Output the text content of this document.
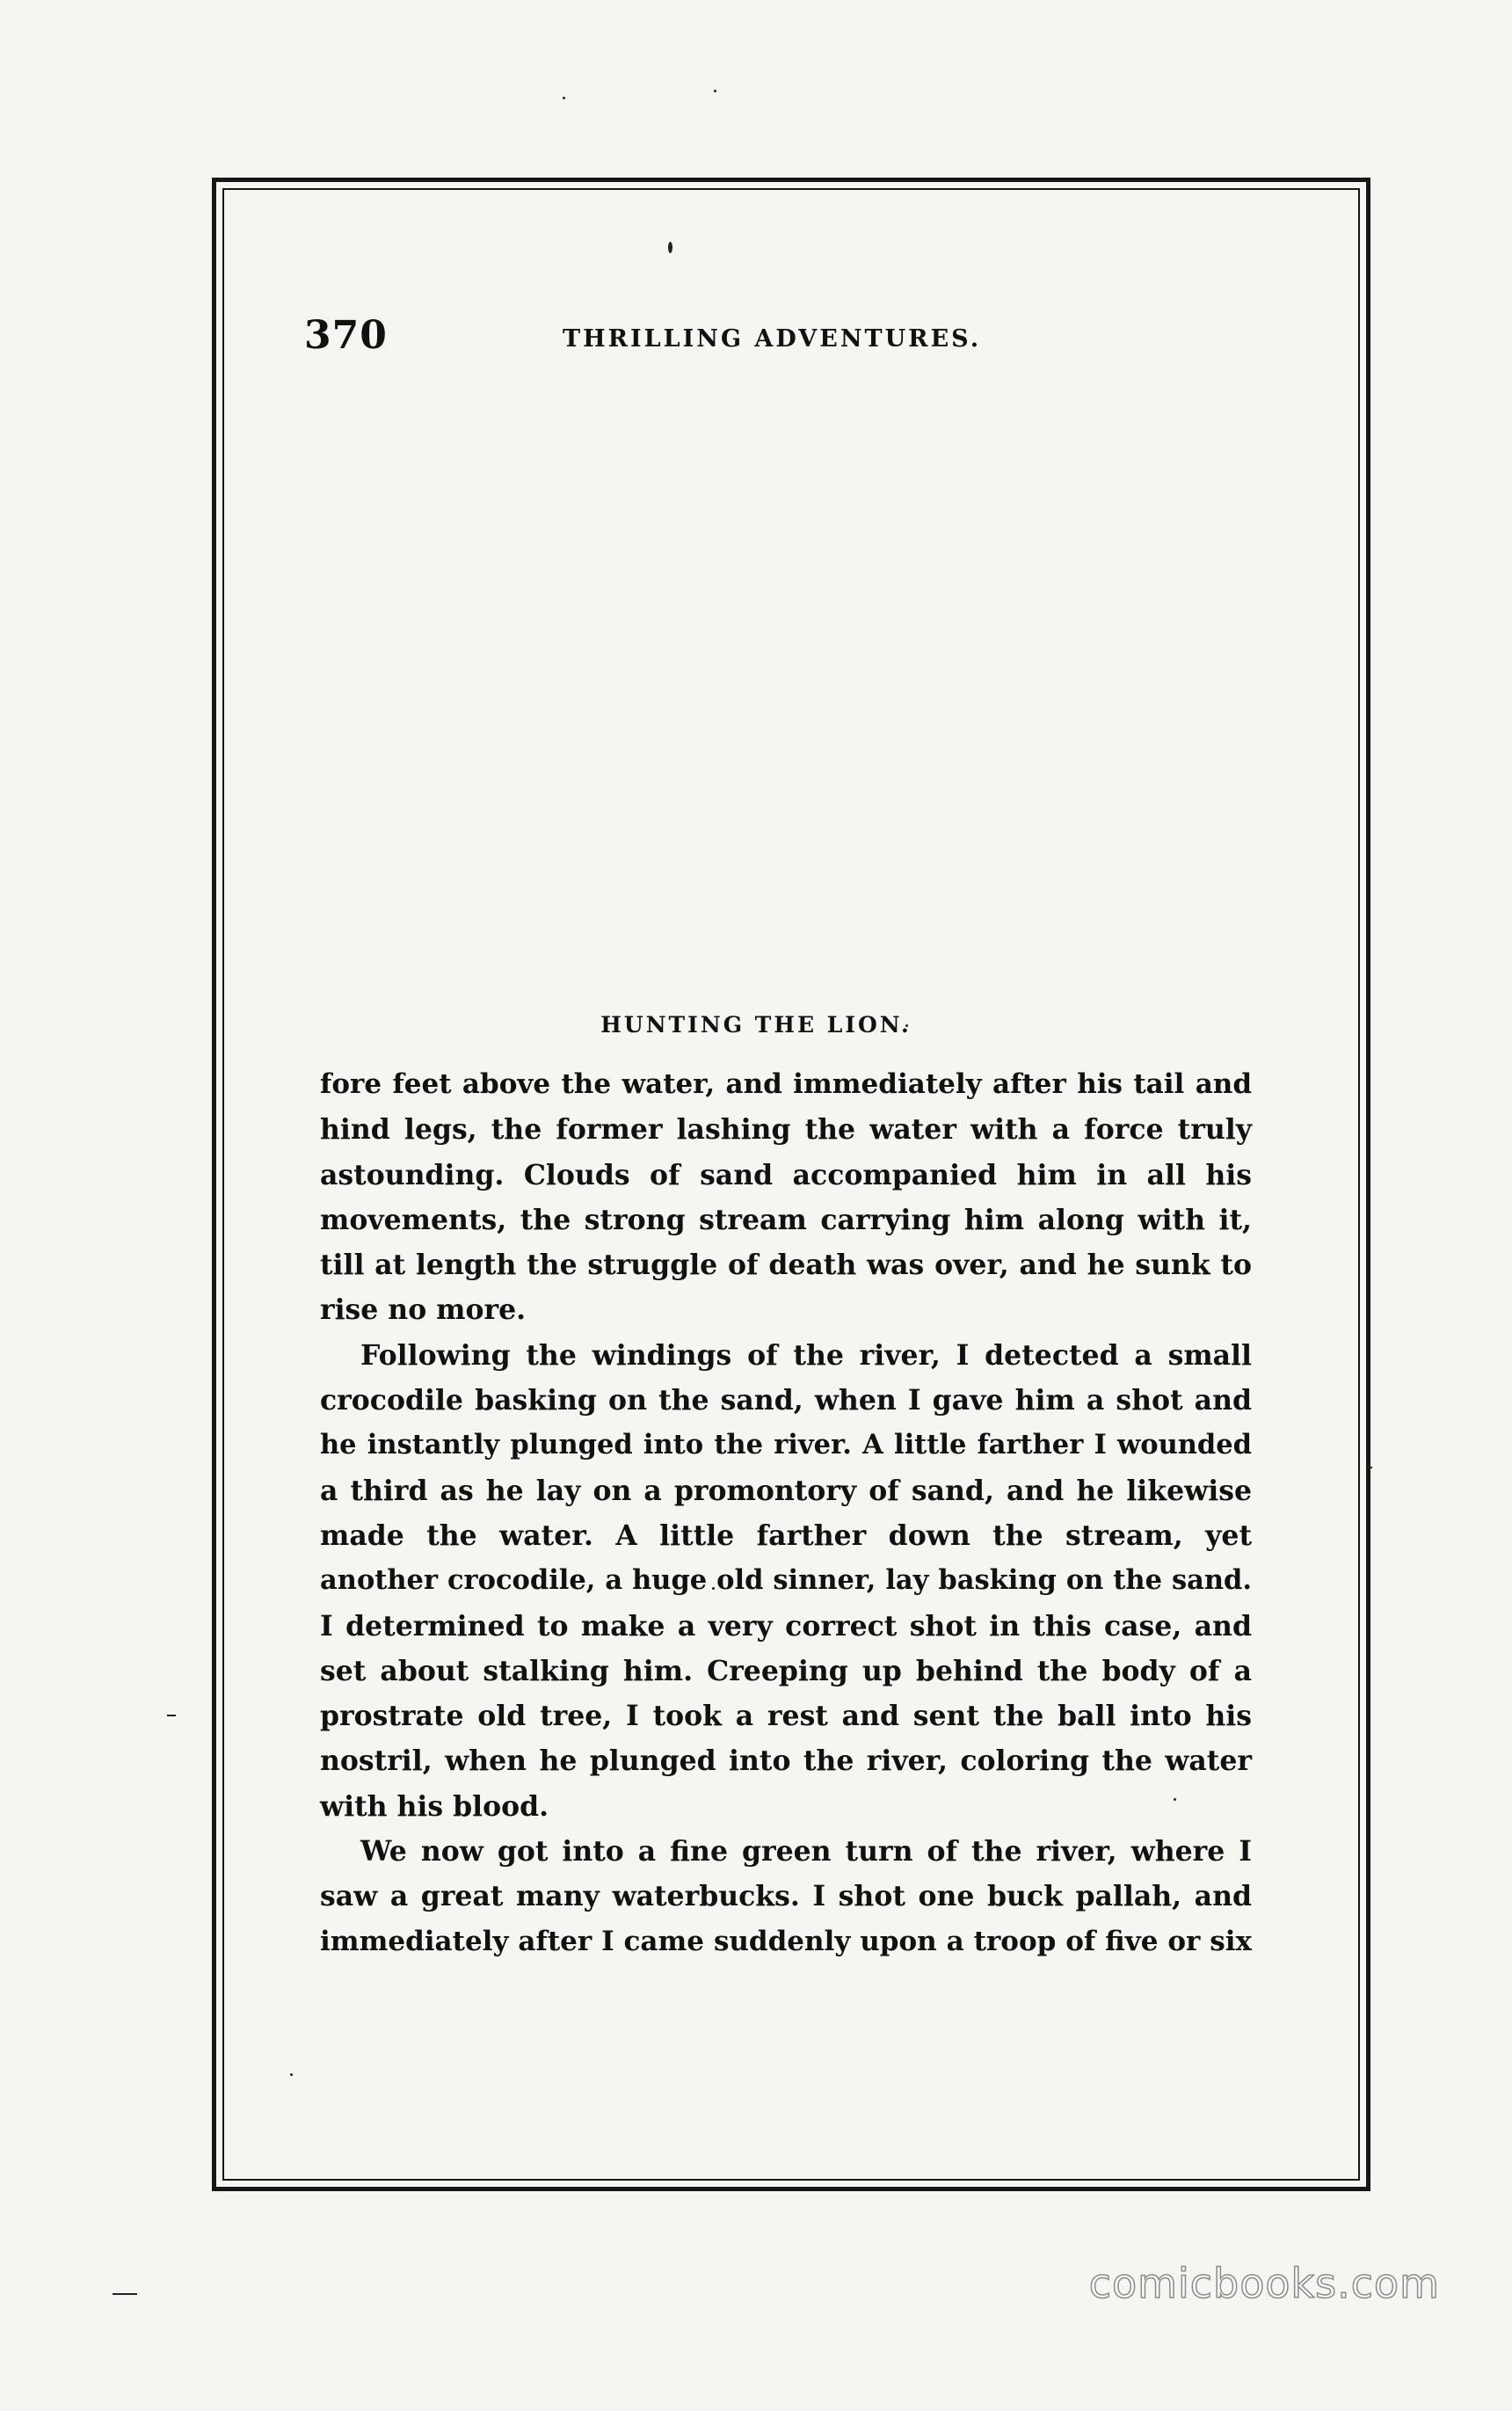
370	THRILLING ADVENTURES.
HUNTING THE LION.

fore feet above the water, and immediately after his tail and
hind legs, the former lashing the water with a force truly
astounding. Clouds of sand accompanied him in all his
movements, the strong stream carrying him along with it,
till at length the struggle of death was over, and he sunk to
rise no more.

Following the windings of the river, I detected a small
crocodile basking on the sand, when I gave him a shot and
he instantly plunged into the river. A little farther I wounded
a third as he lay on a promontory of sand, and he likewise
made the water. A little farther down the stream, yet
another crocodile, a huge old sinner, lay basking on the sand.
I determined to make a very correct shot in this case, and
set about stalking him. Creeping up behind the body of a
prostrate old tree, I took a rest and sent the ball into his
nostril, when he plunged into the river, coloring the water
with his blood.

We now got into a fine green turn of the river, where I
saw a great many waterbucks. I shot one buck pallah, and
immediately after I came suddenly upon a troop of five or six

comicbooks.com
